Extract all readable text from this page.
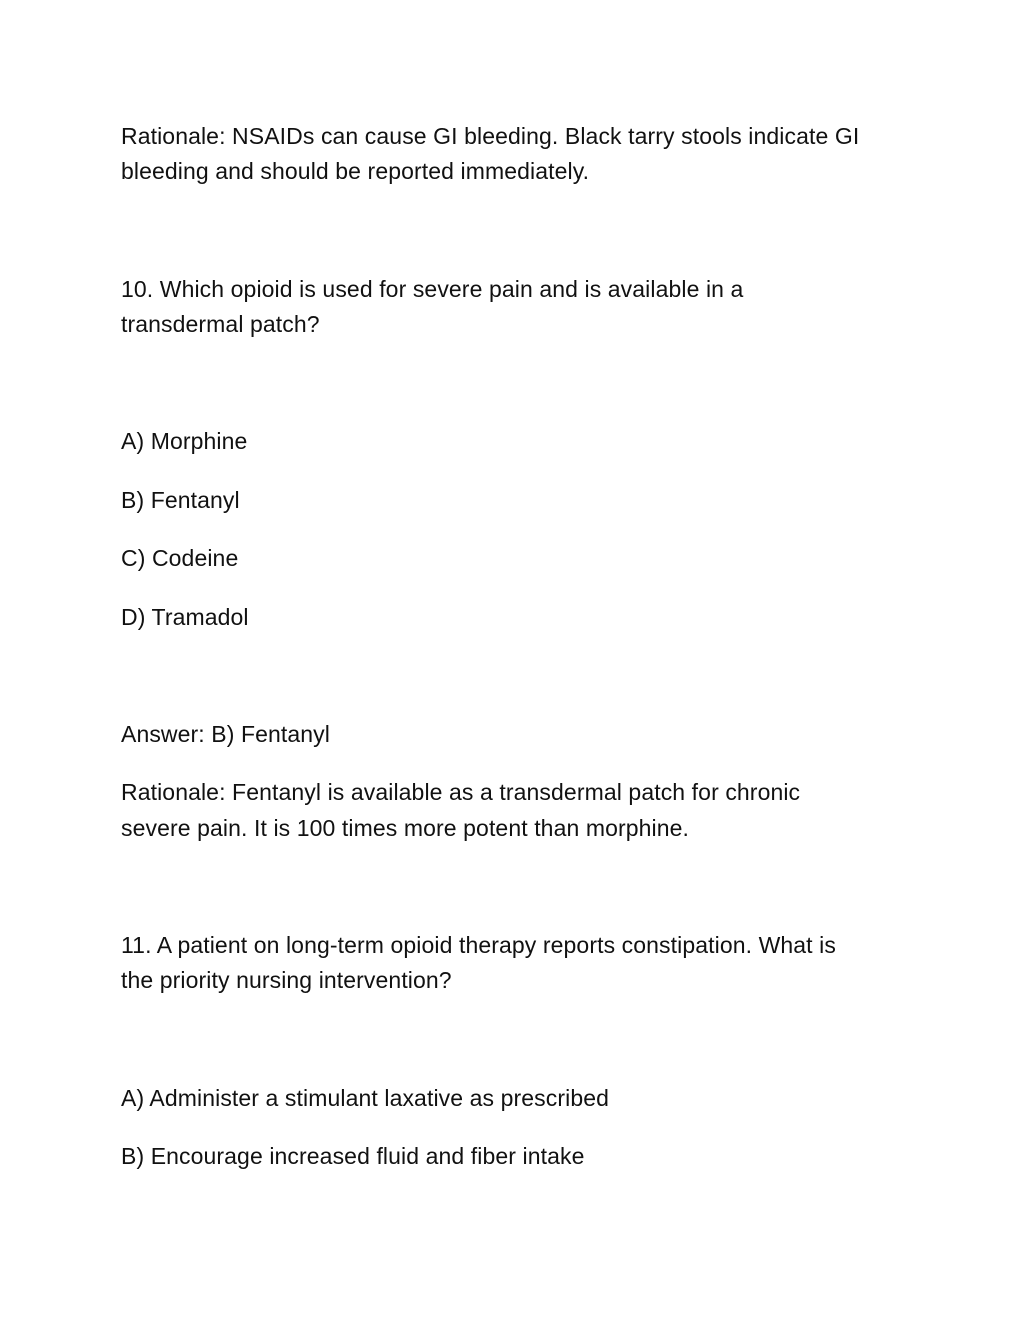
Rationale: NSAIDs can cause GI bleeding. Black tarry stools indicate GI

bleeding and should be reported immediately.

10. Which opioid is used for severe pain and is available in a

transdermal patch?

A) Morphine

B) Fentanyl

C) Codeine

D) Tramadol

Answer: B) Fentanyl

Rationale: Fentanyl is available as a transdermal patch for chronic

severe pain. It is 100 times more potent than morphine.

11. A patient on long-term opioid therapy reports constipation. What is

the priority nursing intervention?

A) Administer a stimulant laxative as prescribed

B) Encourage increased fluid and fiber intake
